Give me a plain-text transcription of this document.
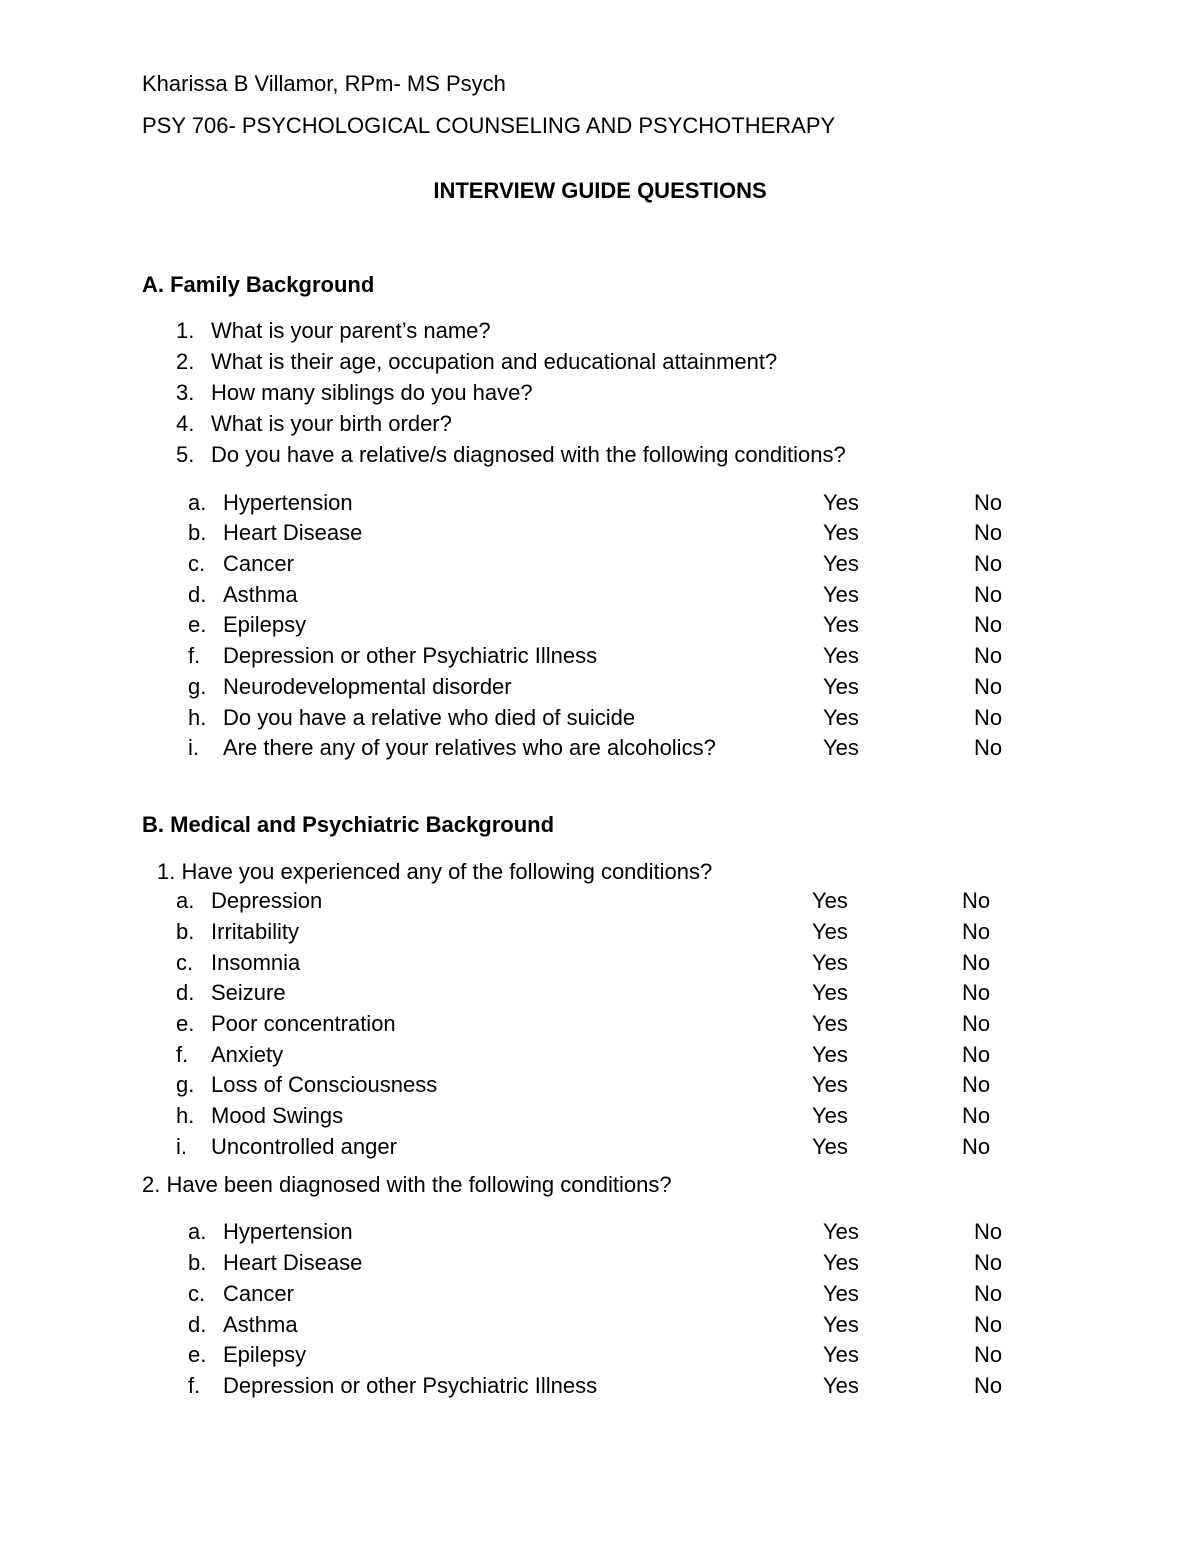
Kharissa B Villamor, RPm- MS Psych
PSY 706- PSYCHOLOGICAL COUNSELING AND PSYCHOTHERAPY
INTERVIEW GUIDE QUESTIONS
A. Family Background
1. What is your parent’s name?
2. What is their age, occupation and educational attainment?
3. How many siblings do you have?
4. What is your birth order?
5. Do you have a relative/s diagnosed with the following conditions?
a. Hypertension	Yes	No
b. Heart Disease	Yes	No
c. Cancer	Yes	No
d. Asthma	Yes	No
e. Epilepsy	Yes	No
f. Depression or other Psychiatric Illness	Yes	No
g. Neurodevelopmental disorder	Yes	No
h. Do you have a relative who died of suicide	Yes	No
i. Are there any of your relatives who are alcoholics?	Yes	No
B. Medical and Psychiatric Background
1. Have you experienced any of the following conditions?
a. Depression	Yes	No
b. Irritability	Yes	No
c. Insomnia	Yes	No
d. Seizure	Yes	No
e. Poor concentration	Yes	No
f. Anxiety	Yes	No
g. Loss of Consciousness	Yes	No
h. Mood Swings	Yes	No
i. Uncontrolled anger	Yes	No
2. Have been diagnosed with the following conditions?
a. Hypertension	Yes	No
b. Heart Disease	Yes	No
c. Cancer	Yes	No
d. Asthma	Yes	No
e. Epilepsy	Yes	No
f. Depression or other Psychiatric Illness	Yes	No
